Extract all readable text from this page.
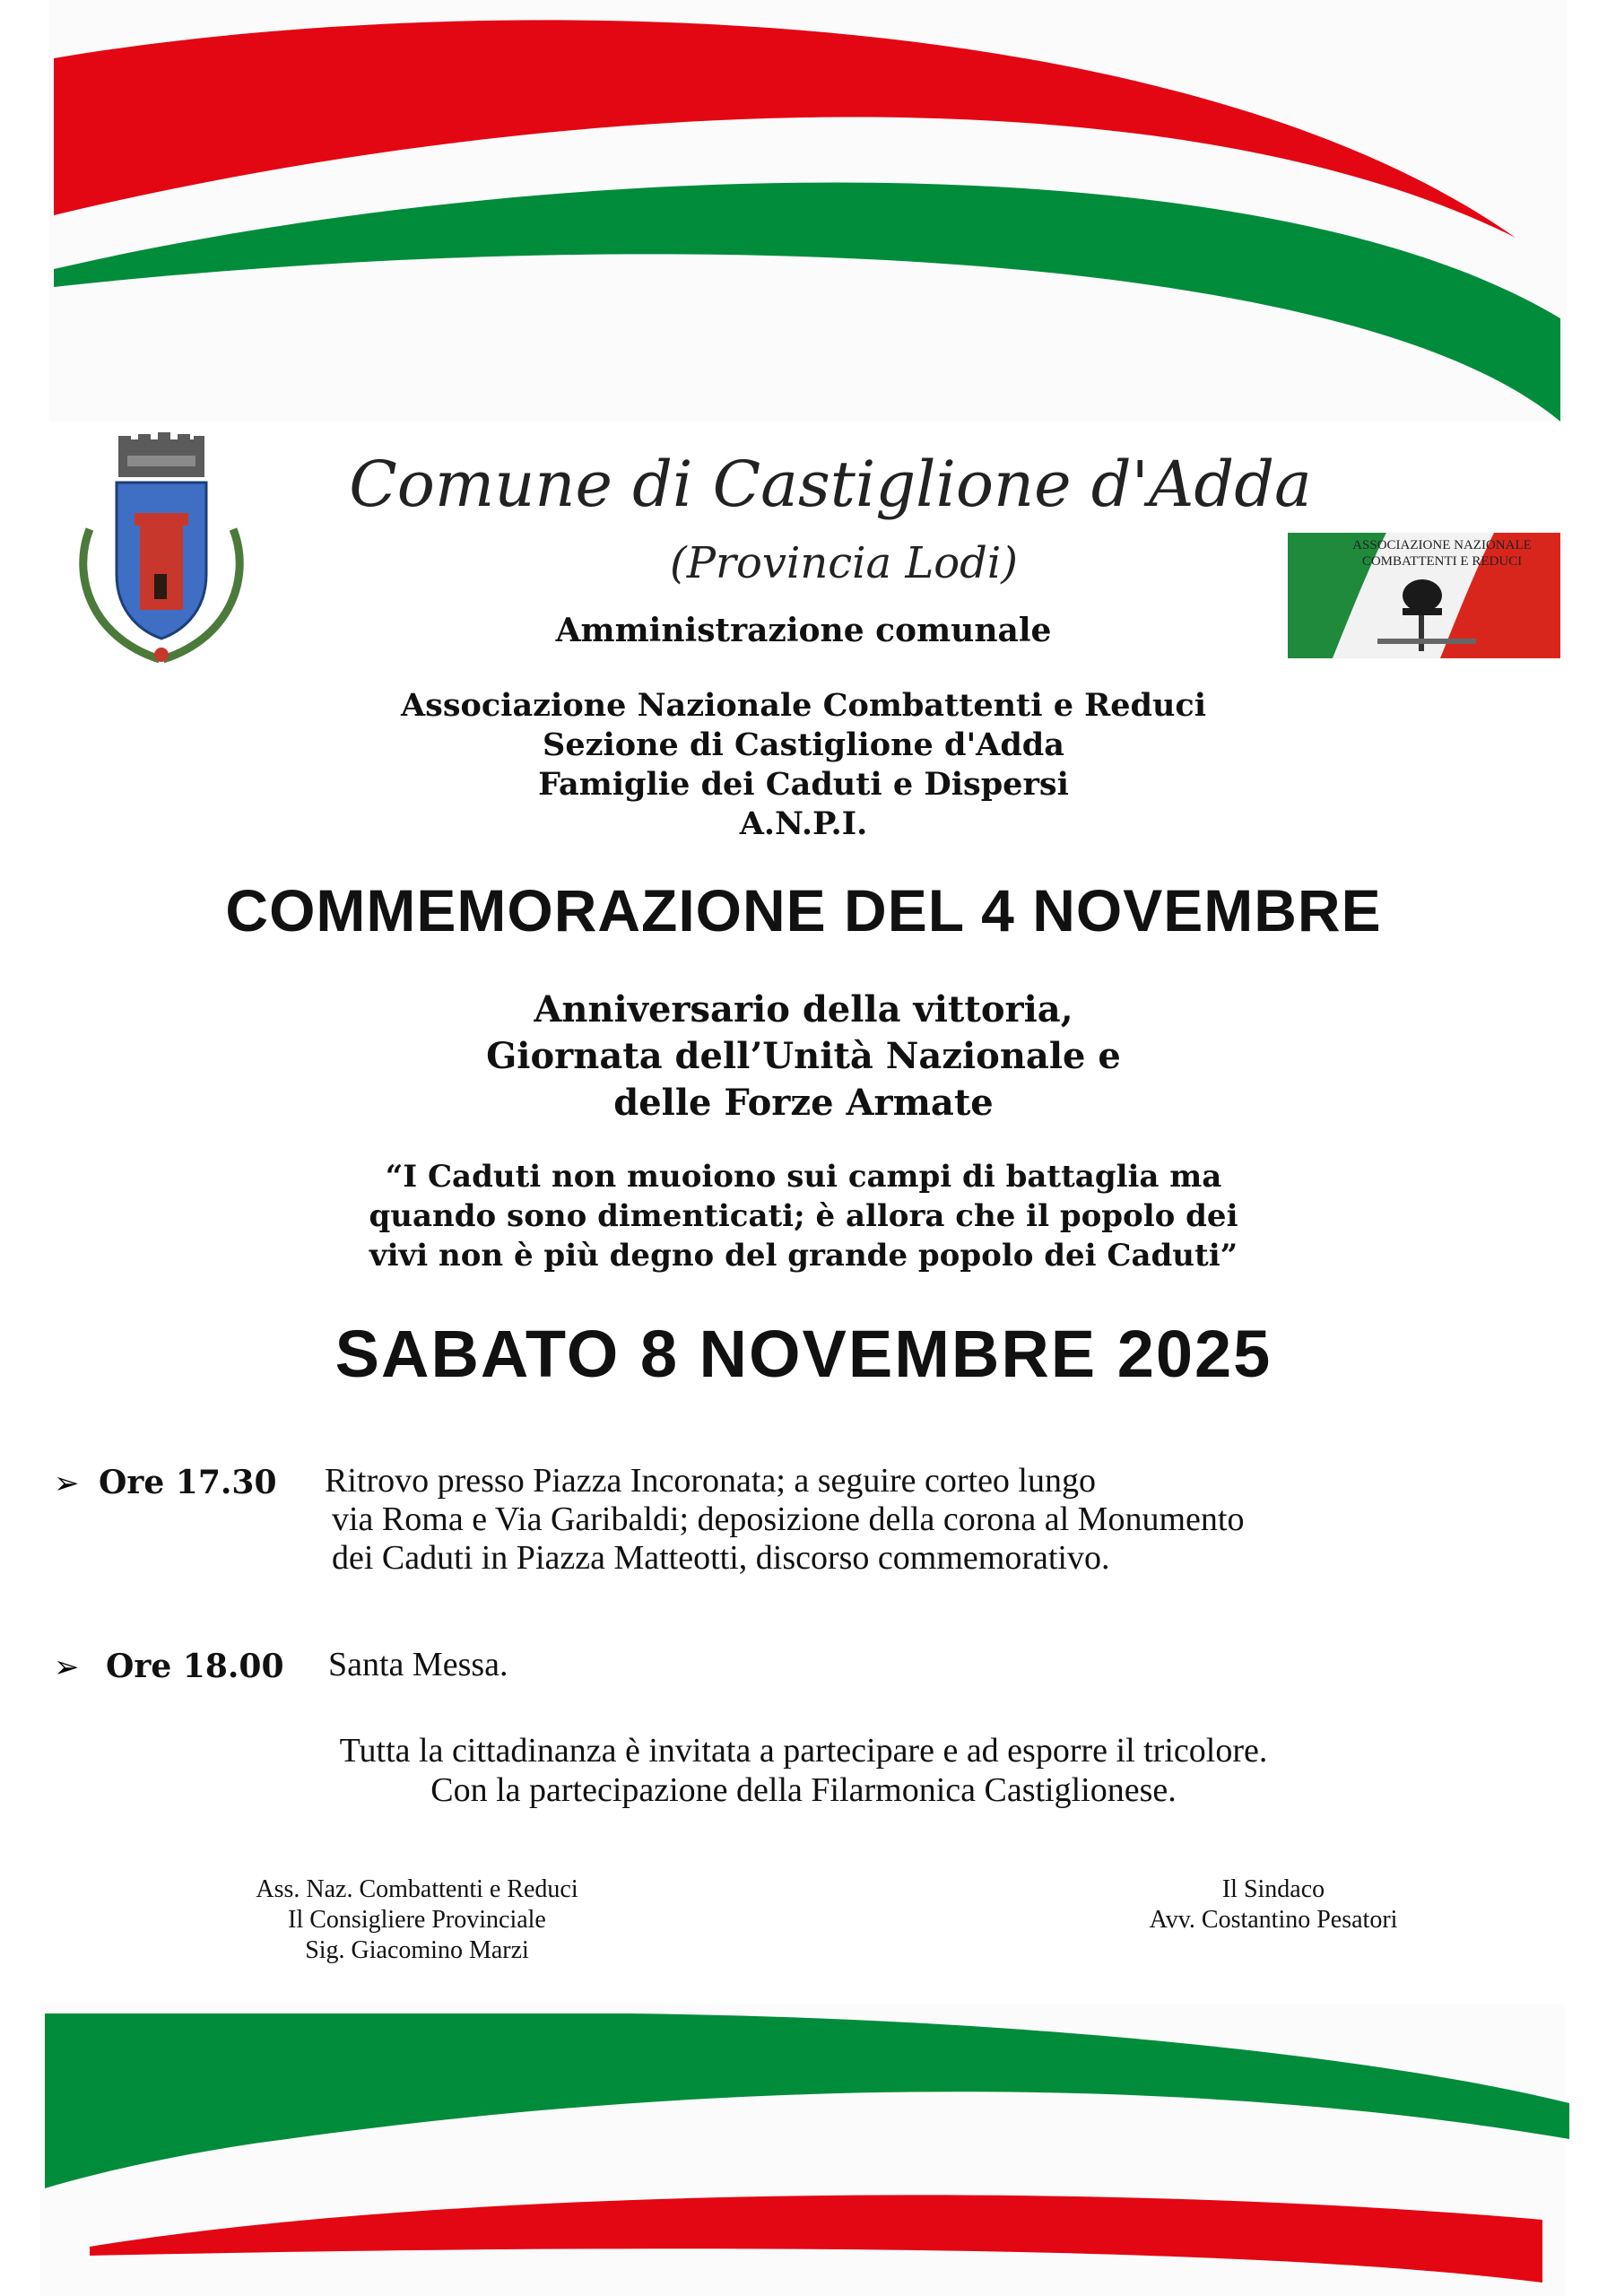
Comune di Castiglione d'Adda
(Provincia Lodi)
Amministrazione comunale
ASSOCIAZIONE NAZIONALE
COMBATTENTI E REDUCI
Associazione Nazionale Combattenti e Reduci
Sezione di Castiglione d'Adda
Famiglie dei Caduti e Dispersi
A.N.P.I.
COMMEMORAZIONE DEL 4 NOVEMBRE
Anniversario della vittoria,
Giornata dell’Unità Nazionale e
delle Forze Armate
“I Caduti non muoiono sui campi di battaglia ma
quando sono dimenticati; è allora che il popolo dei
vivi non è più degno del grande popolo dei Caduti”
SABATO 8 NOVEMBRE 2025
➢ Ore 17.30 Ritrovo presso Piazza Incoronata; a seguire corteo lungo
via Roma e Via Garibaldi; deposizione della corona al Monumento
dei Caduti in Piazza Matteotti, discorso commemorativo.
➢ Ore 18.00 Santa Messa.
Tutta la cittadinanza è invitata a partecipare e ad esporre il tricolore.
Con la partecipazione della Filarmonica Castiglionese.
Ass. Naz. Combattenti e Reduci
Il Consigliere Provinciale
Sig. Giacomino Marzi
Il Sindaco
Avv. Costantino Pesatori
